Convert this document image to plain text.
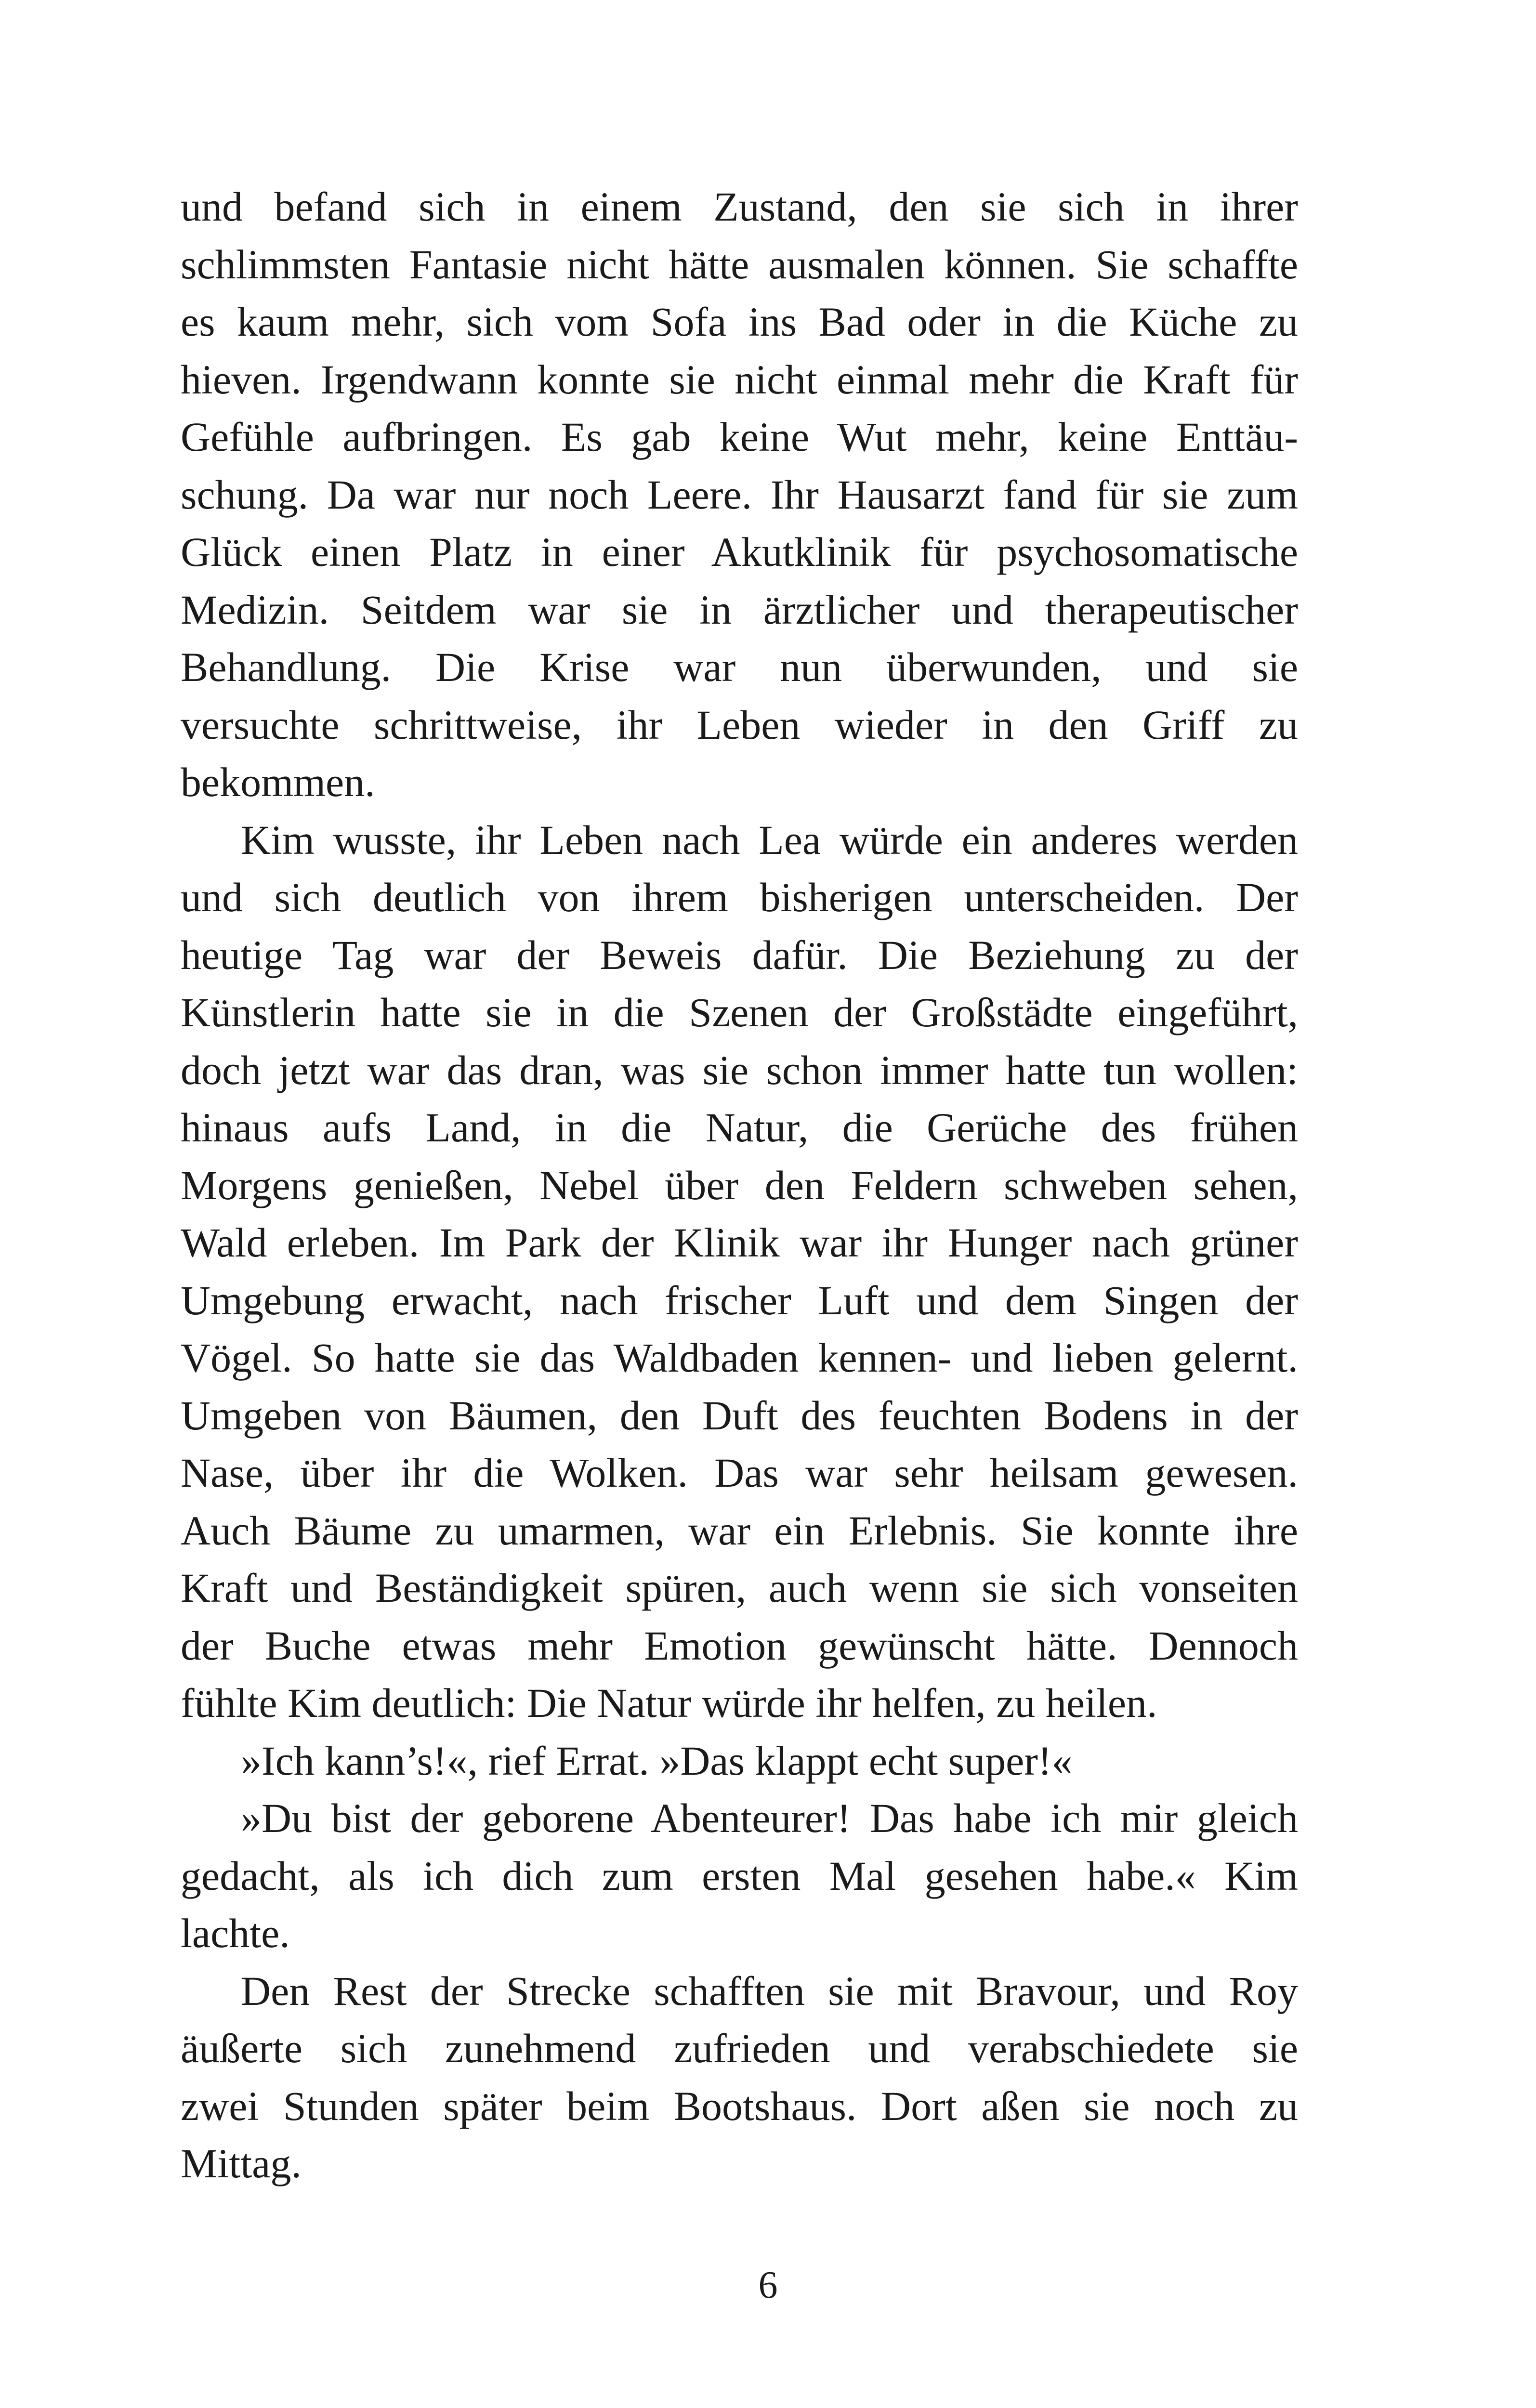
und befand sich in einem Zustand, den sie sich in ihrer
schlimmsten Fantasie nicht hätte ausmalen können. Sie schaffte
es kaum mehr, sich vom Sofa ins Bad oder in die Küche zu
hieven. Irgendwann konnte sie nicht einmal mehr die Kraft für
Gefühle aufbringen. Es gab keine Wut mehr, keine Enttäu-
schung. Da war nur noch Leere. Ihr Hausarzt fand für sie zum
Glück einen Platz in einer Akutklinik für psychosomatische
Medizin. Seitdem war sie in ärztlicher und therapeutischer
Behandlung. Die Krise war nun überwunden, und sie
versuchte schrittweise, ihr Leben wieder in den Griff zu
bekommen.
Kim wusste, ihr Leben nach Lea würde ein anderes werden
und sich deutlich von ihrem bisherigen unterscheiden. Der
heutige Tag war der Beweis dafür. Die Beziehung zu der
Künstlerin hatte sie in die Szenen der Großstädte eingeführt,
doch jetzt war das dran, was sie schon immer hatte tun wollen:
hinaus aufs Land, in die Natur, die Gerüche des frühen
Morgens genießen, Nebel über den Feldern schweben sehen,
Wald erleben. Im Park der Klinik war ihr Hunger nach grüner
Umgebung erwacht, nach frischer Luft und dem Singen der
Vögel. So hatte sie das Waldbaden kennen- und lieben gelernt.
Umgeben von Bäumen, den Duft des feuchten Bodens in der
Nase, über ihr die Wolken. Das war sehr heilsam gewesen.
Auch Bäume zu umarmen, war ein Erlebnis. Sie konnte ihre
Kraft und Beständigkeit spüren, auch wenn sie sich vonseiten
der Buche etwas mehr Emotion gewünscht hätte. Dennoch
fühlte Kim deutlich: Die Natur würde ihr helfen, zu heilen.
»Ich kann’s!«, rief Errat. »Das klappt echt super!«
»Du bist der geborene Abenteurer! Das habe ich mir gleich
gedacht, als ich dich zum ersten Mal gesehen habe.« Kim
lachte.
Den Rest der Strecke schafften sie mit Bravour, und Roy
äußerte sich zunehmend zufrieden und verabschiedete sie
zwei Stunden später beim Bootshaus. Dort aßen sie noch zu
Mittag.
6
